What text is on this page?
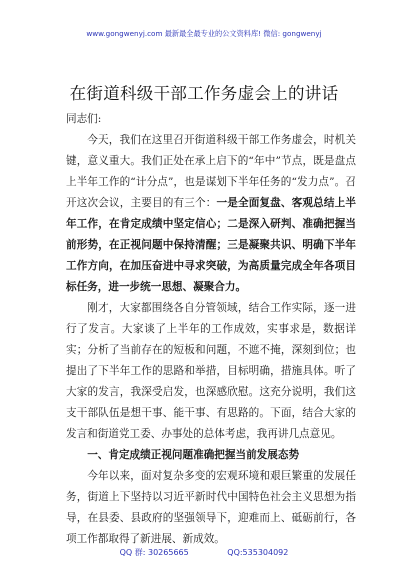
www.gongwenyj.com 最新最全最专业的公文资料库! 微信: gongwenyj
在街道科级干部工作务虚会上的讲话

同志们:

今天，我们在这里召开街道科级干部工作务虚会，时机关键，意义重大。我们正处在承上启下的“年中”节点，既是盘点上半年工作的“计分点”，也是谋划下半年任务的“发力点”。召开这次会议，主要目的有三个：一是全面复盘、客观总结上半年工作，在肯定成绩中坚定信心；二是深入研判、准确把握当前形势，在正视问题中保持清醒；三是凝聚共识、明确下半年工作方向，在加压奋进中寻求突破，为高质量完成全年各项目标任务，进一步统一思想、凝聚合力。

刚才，大家都围绕各自分管领域，结合工作实际，逐一进行了发言。大家谈了上半年的工作成效，实事求是，数据详实；分析了当前存在的短板和问题，不遮不掩，深刻到位；也提出了下半年工作的思路和举措，目标明确，措施具体。听了大家的发言，我深受启发，也深感欣慰。这充分说明，我们这支干部队伍是想干事、能干事、有思路的。下面，结合大家的发言和街道党工委、办事处的总体考虑，我再讲几点意见。

一、肯定成绩正视问题准确把握当前发展态势

今年以来，面对复杂多变的宏观环境和艰巨繁重的发展任务，街道上下坚持以习近平新时代中国特色社会主义思想为指导，在县委、县政府的坚强领导下，迎难而上、砥砺前行，各项工作都取得了新进展、新成效。

QQ 群: 30265665	QQ:535304092
